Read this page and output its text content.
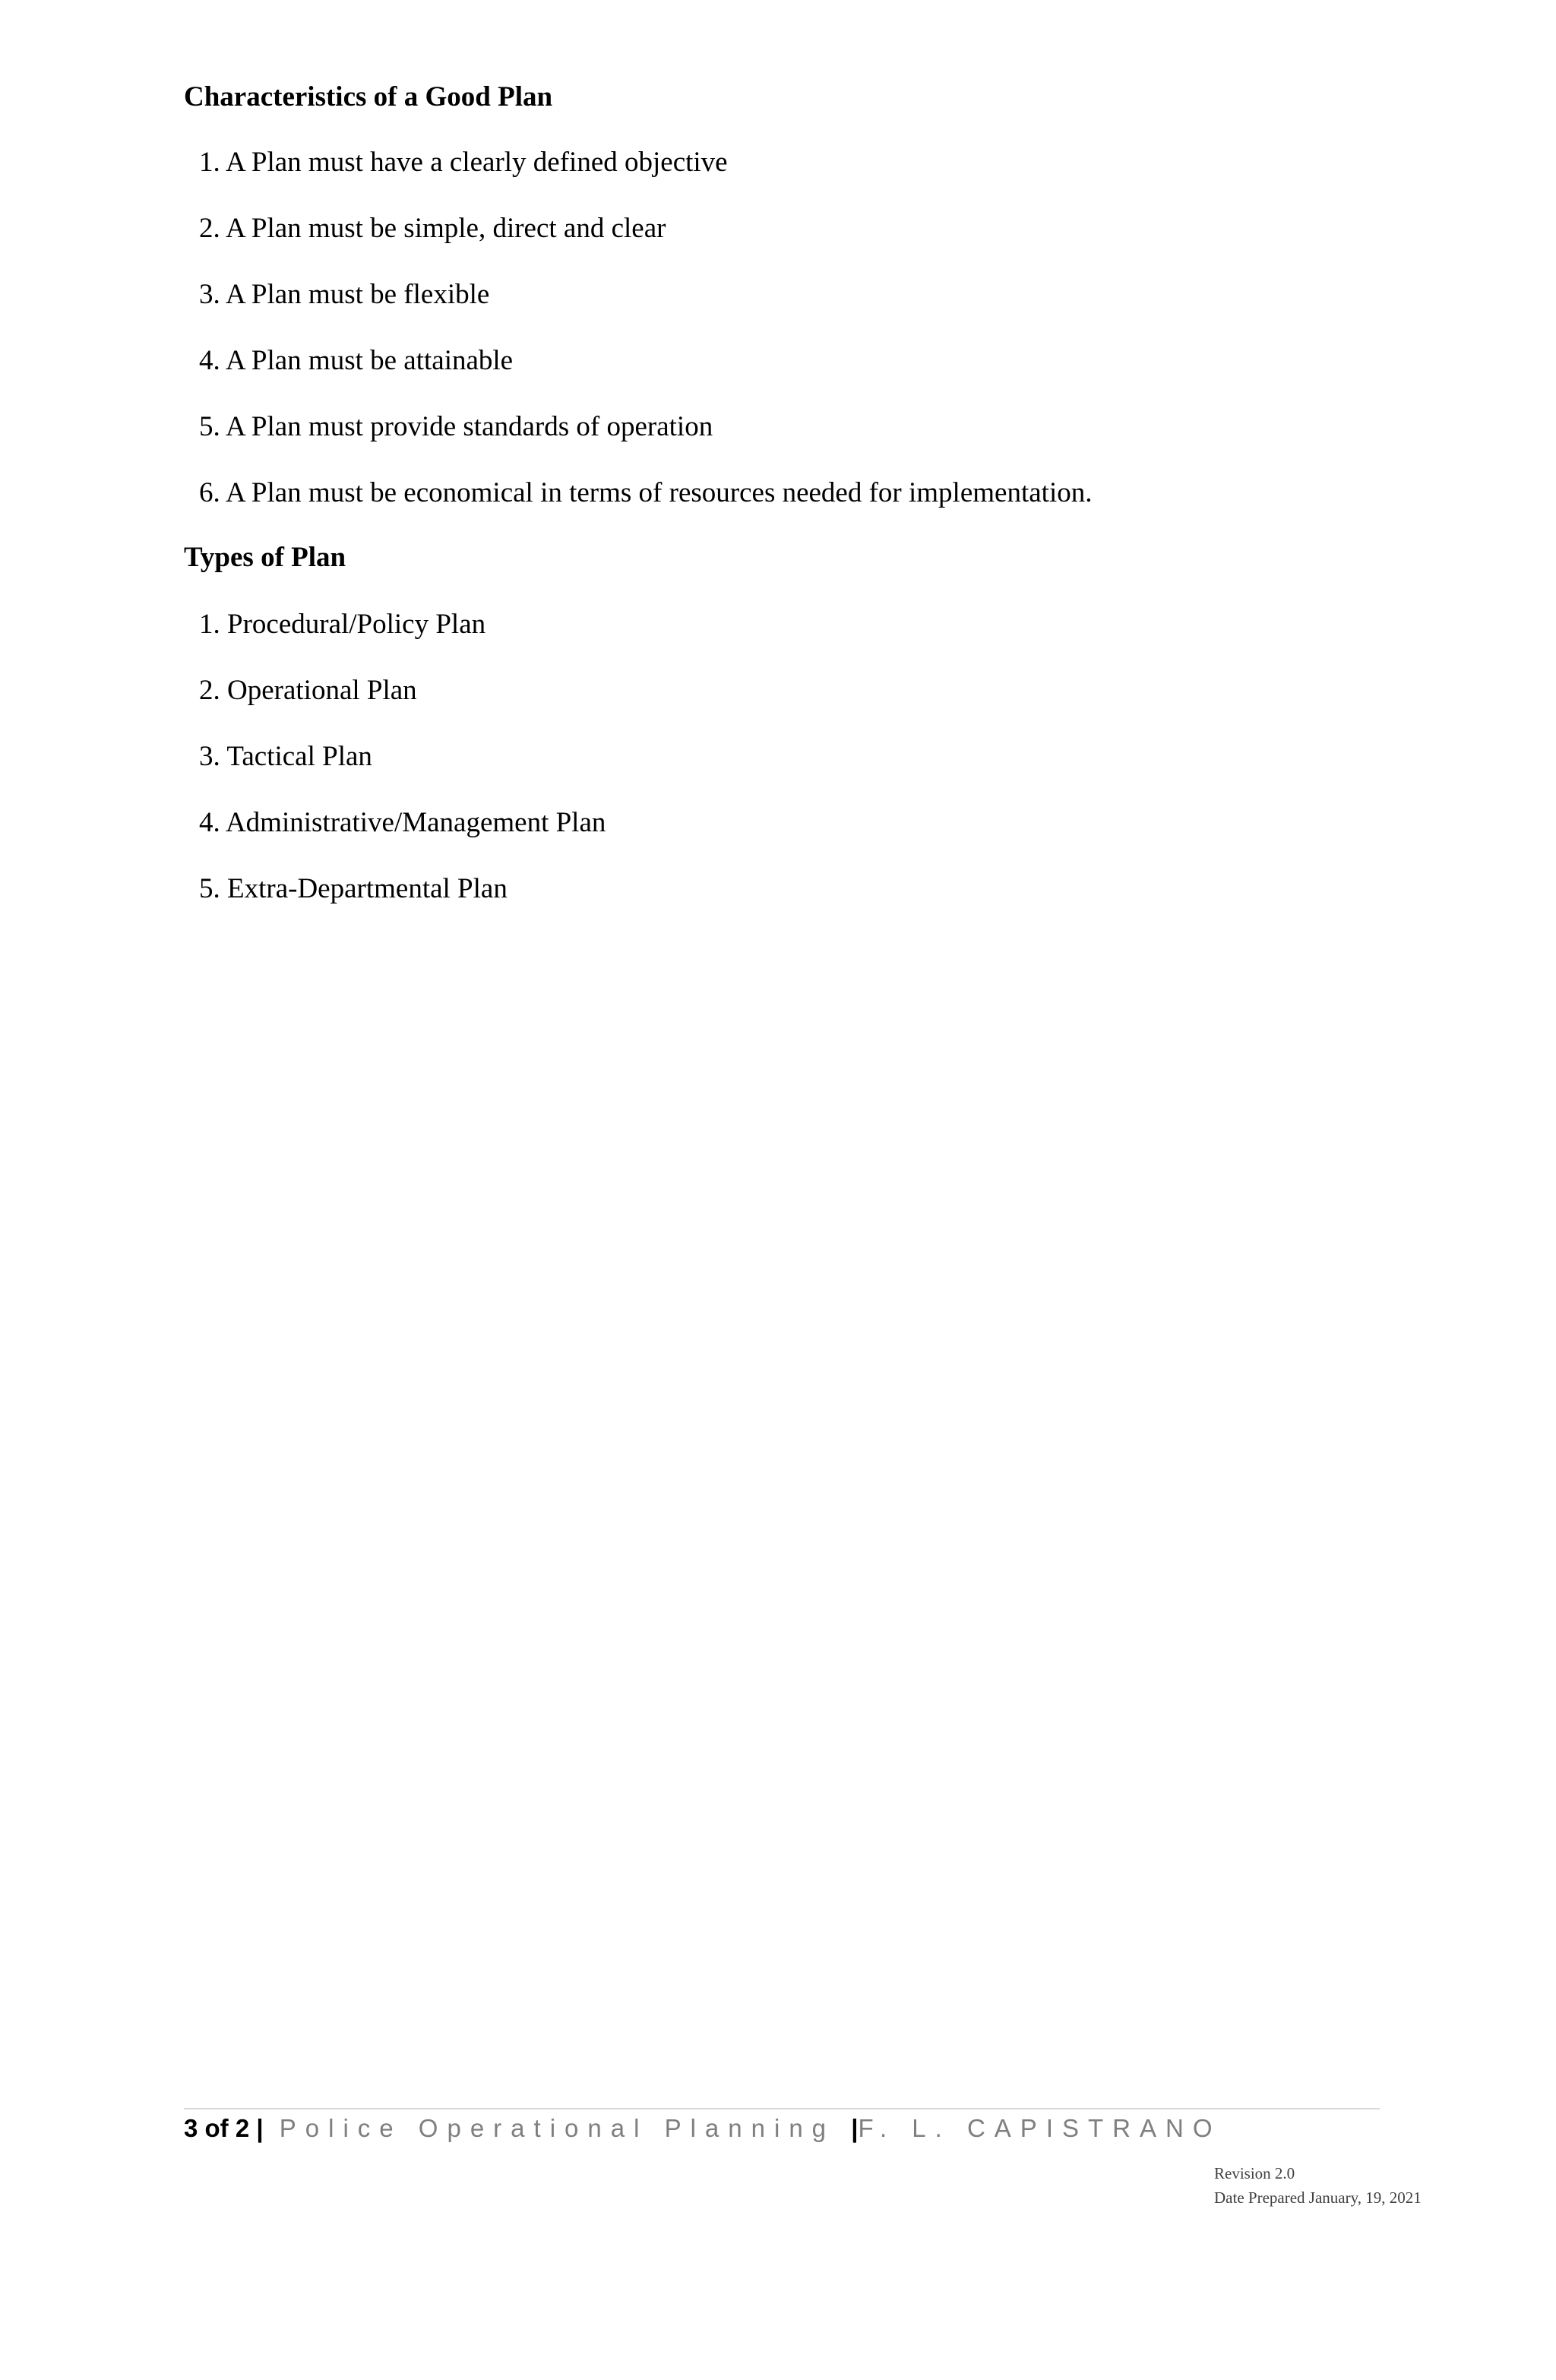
Characteristics of a Good Plan
1. A Plan must have a clearly defined objective
2. A Plan must be simple, direct and clear
3. A Plan must be flexible
4. A Plan must be attainable
5. A Plan must provide standards of operation
6. A Plan must be economical in terms of resources needed for implementation.
Types of Plan
1. Procedural/Policy Plan
2. Operational Plan
3. Tactical Plan
4. Administrative/Management Plan
5. Extra-Departmental Plan
3 of 2 | Police Operational Planning |F. L. CAPISTRANO
Revision 2.0
Date Prepared January, 19, 2021
